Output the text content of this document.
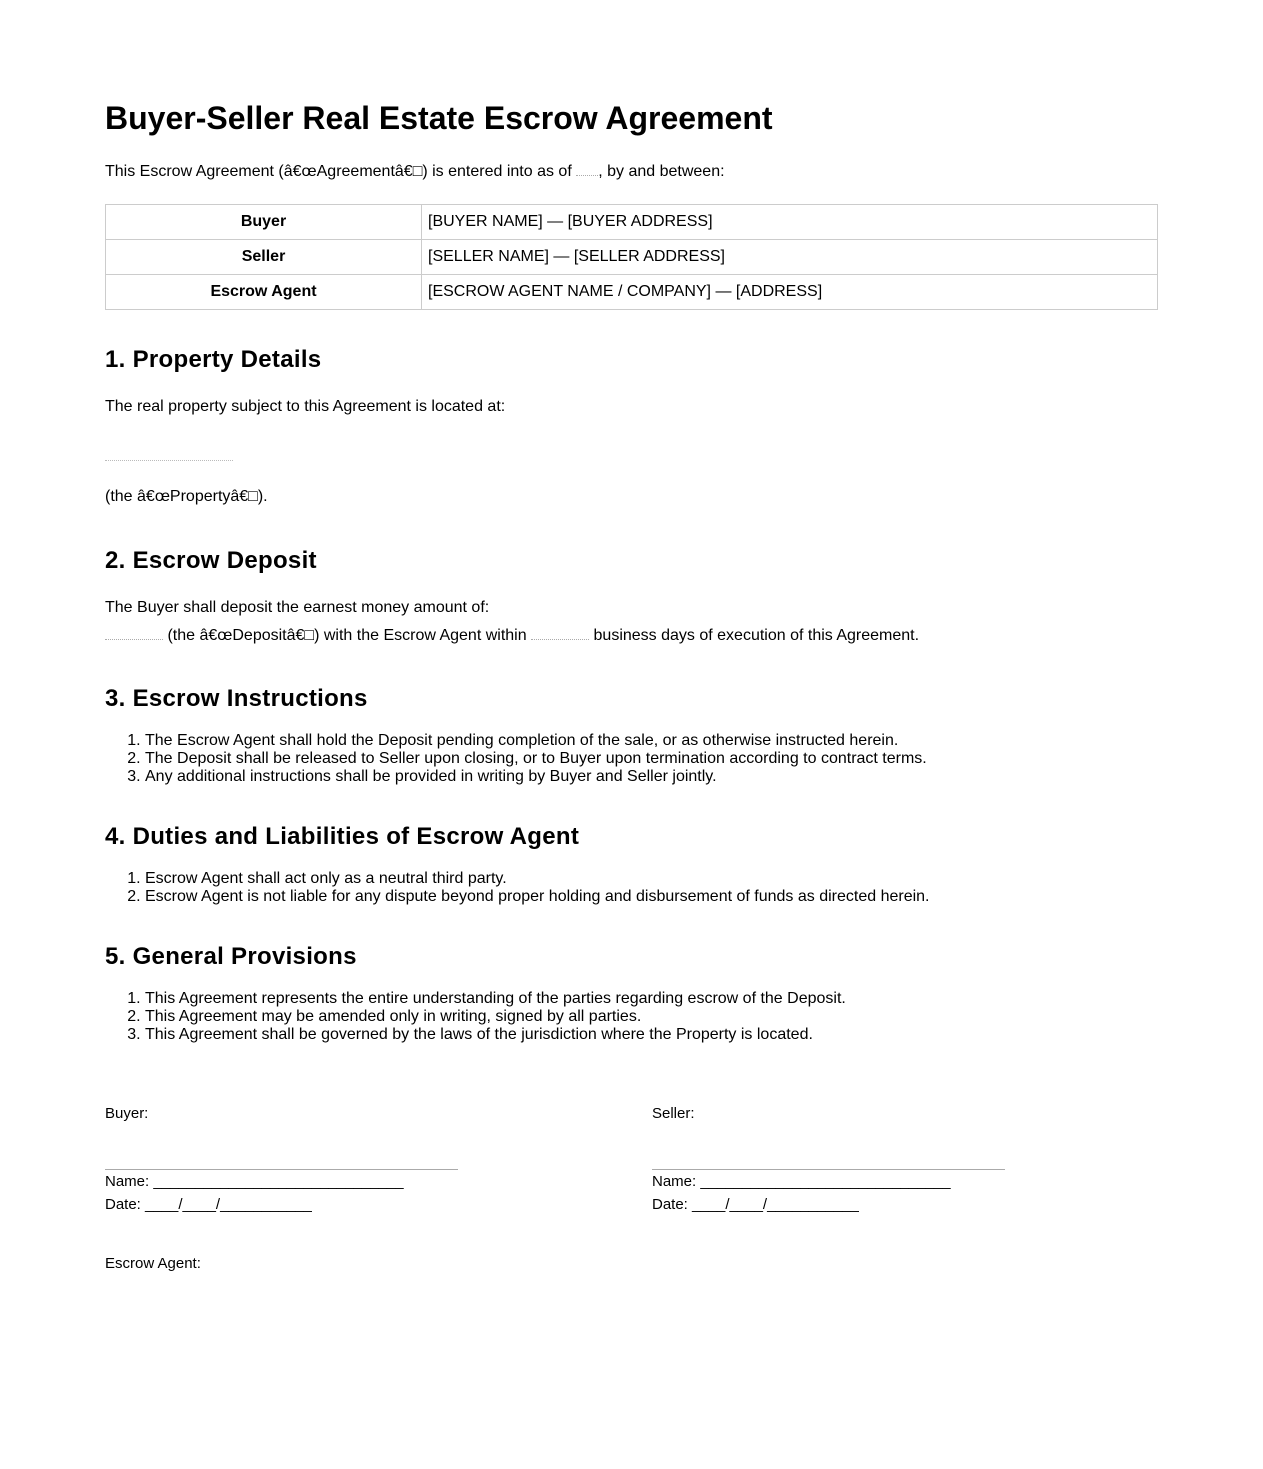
Buyer-Seller Real Estate Escrow Agreement
This Escrow Agreement (â€œAgreementâ€□) is entered into as of , by and between:
Buyer	[BUYER NAME] — [BUYER ADDRESS]
Seller	[SELLER NAME] — [SELLER ADDRESS]
Escrow Agent	[ESCROW AGENT NAME / COMPANY] — [ADDRESS]
1. Property Details
The real property subject to this Agreement is located at:
(the â€œPropertyâ€□).
2. Escrow Deposit
The Buyer shall deposit the earnest money amount of:
(the â€œDepositâ€□) with the Escrow Agent within	business days of execution of this Agreement.
3. Escrow Instructions
1. The Escrow Agent shall hold the Deposit pending completion of the sale, or as otherwise instructed herein.
2. The Deposit shall be released to Seller upon closing, or to Buyer upon termination according to contract terms.
3. Any additional instructions shall be provided in writing by Buyer and Seller jointly.
4. Duties and Liabilities of Escrow Agent
1. Escrow Agent shall act only as a neutral third party.
2. Escrow Agent is not liable for any dispute beyond proper holding and disbursement of funds as directed herein.
5. General Provisions
1. This Agreement represents the entire understanding of the parties regarding escrow of the Deposit.
2. This Agreement may be amended only in writing, signed by all parties.
3. This Agreement shall be governed by the laws of the jurisdiction where the Property is located.
Buyer:
Name: ______________________________
Date: ____/____/___________
Seller:
Name: ______________________________
Date: ____/____/___________
Escrow Agent:
